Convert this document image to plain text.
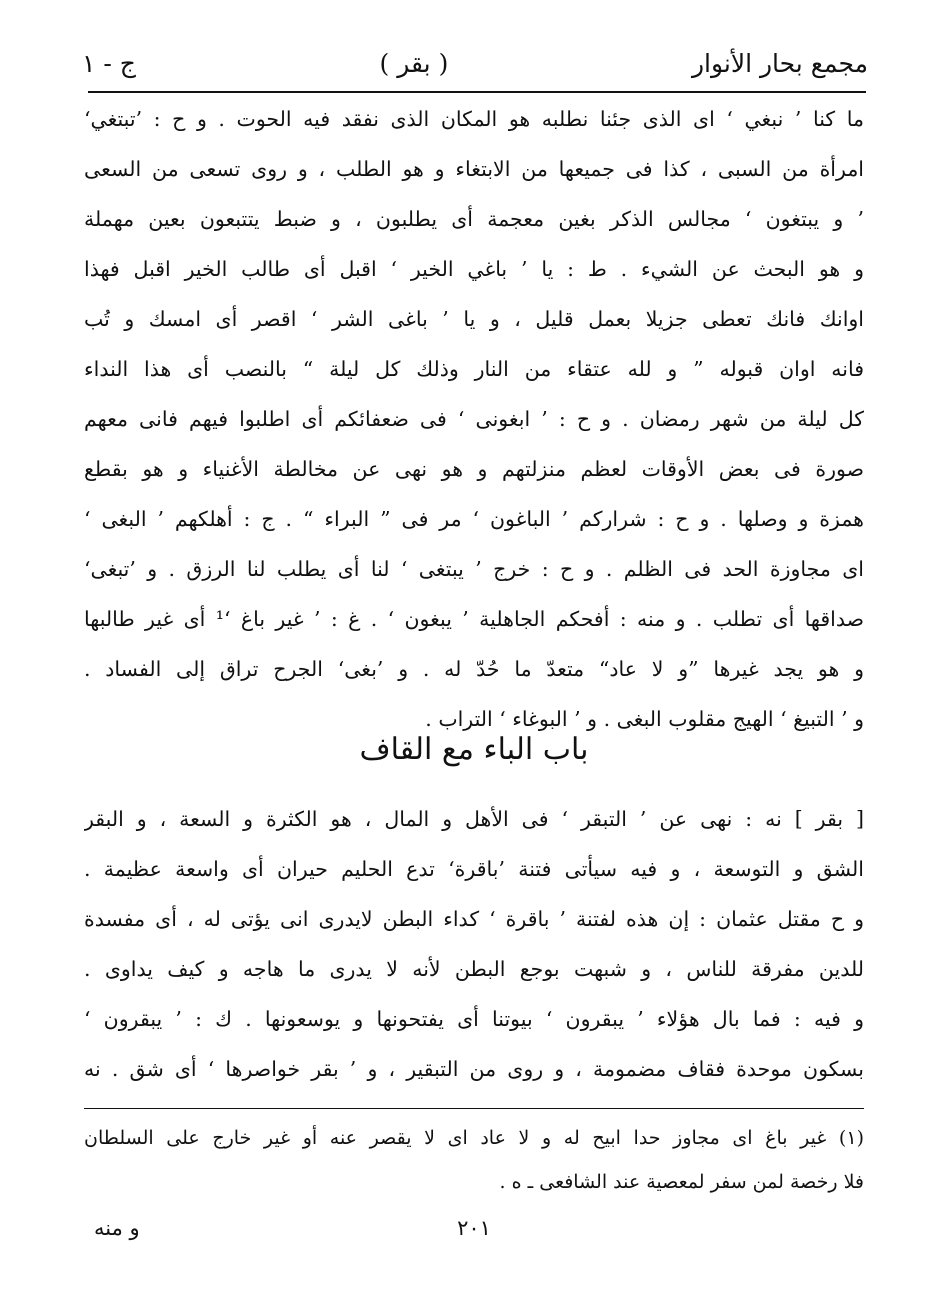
مجمع بحار الأنوار
( بقر )
ج - ١
ما كنا ’ نبغي ‘ اى الذى جئنا نطلبه هو المكان الذى نفقد فيه الحوت . و ح : ’تبتغي‘
امرأة من السبى ، كذا فى جميعها من الابتغاء و هو الطلب ، و روى تسعى من السعى
’ و يبتغون ‘ مجالس الذكر بغين معجمة أى يطلبون ، و ضبط يتتبعون بعين مهملة
و هو البحث عن الشيء . ط : يا ’ باغي الخير ‘ اقبل أى طالب الخير اقبل فهذا
اوانك فانك تعطى جزيلا بعمل قليل ، و يا ’ باغى الشر ‘ اقصر أى امسك و تُب
فانه اوان قبوله ” و لله عتقاء من النار وذلك كل ليلة “ بالنصب أى هذا النداء
كل ليلة من شهر رمضان . و ح : ’ ابغونى ‘ فى ضعفائكم أى اطلبوا فيهم فانى معهم
صورة فى بعض الأوقات لعظم منزلتهم و هو نهى عن مخالطة الأغنياء و هو بقطع
همزة و وصلها . و ح : شراركم ’ الباغون ‘ مر فى ” البراء “ . ج : أهلكهم ’ البغى ‘
اى مجاوزة الحد فى الظلم . و ح : خرج ’ يبتغى ‘ لنا أى يطلب لنا الرزق . و ’تبغى‘
صداقها أى تطلب . و منه : أفحكم الجاهلية ’ يبغون ‘ . غ : ’ غير باغ ‘¹ أى غير طالبها
و هو يجد غيرها ”و لا عاد“ متعدّ ما حُدّ له . و ’بغى‘ الجرح تراق إلى الفساد .
و ’ التبيغ ‘ الهيج مقلوب البغى . و ’ البوغاء ‘ التراب .
باب الباء مع القاف
[ بقر ] نه : نهى عن ’ التبقر ‘ فى الأهل و المال ، هو الكثرة و السعة ، و البقر
الشق و التوسعة ، و فيه سيأتى فتنة ’باقرة‘ تدع الحليم حيران أى واسعة عظيمة .
و ح مقتل عثمان : إن هذه لفتنة ’ باقرة ‘ كداء البطن لايدرى انى يؤتى له ، أى مفسدة
للدين مفرقة للناس ، و شبهت بوجع البطن لأنه لا يدرى ما هاجه و كيف يداوى .
و فيه : فما بال هؤلاء ’ يبقرون ‘ بيوتنا أى يفتحونها و يوسعونها . ك : ’ يبقرون ‘
بسكون موحدة فقاف مضمومة ، و روى من التبقير ، و ’ بقر خواصرها ‘ أى شق . نه
(١) غير باغ اى مجاوز حدا ابيح له و لا عاد اى لا يقصر عنه أو غير خارج على السلطان
فلا رخصة لمن سفر لمعصية عند الشافعى ـ ه .
٢٠١
و منه
